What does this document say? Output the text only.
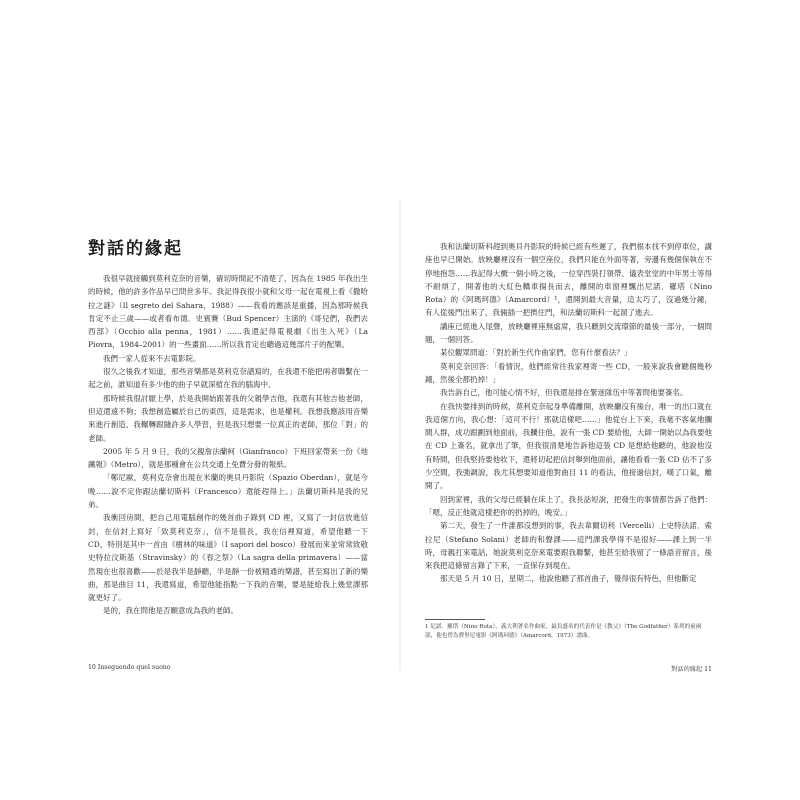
對話的緣起

我很早就接觸到莫利克奈的音樂，確切時間記不清楚了，因為在 1985 年我出生的時候，他的許多作品早已問世多年。我記得我很小就和父母一起在電視上看《撒哈拉之謎》（Il segreto del Sahara，1988）——我看的應該是重播，因為那時候我肯定不止三歲——或者看布德．史賓賽（Bud Spencer）主演的《哥兒們，我們去西部》（Occhio alla penna，1981）……我還記得電視劇《出生入死》（La Piovra，1984–2001）的一些畫面……所以我肯定也聽過這幾部片子的配樂。

我們一家人從來不去電影院。

很久之後我才知道，那些音樂都是莫利克奈譜寫的，在我還不能把兩者聯繫在一起之前，誰知道有多少他的曲子早就深植在我的腦海中。

那時候我很討厭上學，於是我開始跟著我的父親學吉他，我還有其他吉他老師，但這還遠不夠；我想創造屬於自己的東西，這是需求，也是權利。我想我應該用音樂來進行創造，我輾轉跟隨許多人學習，但是我只想要一位真正的老師，那位「對」的老師。

2005 年 5 月 9 日，我的父親詹法蘭柯（Gianfranco）下班回家帶來一份《地鐵報》（Metro），就是那種會在公共交通上免費分發的報紙。

「鄭尼歐，莫利克奈會出現在米蘭的奧貝丹影院（Spazio Oberdan），就是今晚……說不定你跟法蘭切斯科（Francesco）還能趕得上。」法蘭切斯科是我的兄弟。

我衝回房間，把自己用電腦創作的幾首曲子錄到 CD 裡，又寫了一封信放進信封，在信封上寫好「致莫利克奈」，信不是很長，我在信裡寫道，希望他聽一下 CD，特別是其中一首由《樹林的味道》（I sapori del bosco）發展而來並常常致敬史特拉汶斯基（Stravinsky）的《春之祭》（La sagra della primavera）——當然現在也很喜歡——於是我半是靜聽，半是靜一份被精通的樂譜，甚至寫出了新的樂曲，那是曲目 11，我還寫道，希望他能指點一下我的音樂，要是能給我上幾堂課那就更好了。

是的，我在問他是否願意成為我的老師。

10 Inseguendo quel suono

我和法蘭切斯科趕到奧貝丹影院的時候已經有些遲了，我們根本找不到停車位，講座也早已開始。放映廳裡沒有一個空座位，我們只能在外面等著，旁邊有幾個保執在不停地抱怨……我記得大概一個小時之後，一位穿西裝打領帶、儀表堂堂的中年男士等得不耐煩了，開著他的大紅色轎車揚長而去，離開的車窗裡飄出尼諾．羅塔（Nino Rota）的《阿瑪珂德》（Amarcord）¹，還開到最大音量，這太巧了，沒過幾分鐘，有人從後門出來了，我倆插一把擠住門，和法蘭切斯科一起溜了進去。

講座已經進入尾聲，放映廳裡座無虛席，我只聽到交流環節的最後一部分，一個問題，一個回答。

某位觀眾問道：「對於新生代作曲家們，您有什麼看法？」

莫利克奈回答：「看情況，他們經常往我家裡寄一些 CD，一般來說我會聽個幾秒鐘，然後全都扔掉！」

我告訴自己，他可能心情不好，但我還是排在緊迷隊伍中等著問他要簽名。

在我快要排到的時候，莫利克奈起身準備離開，放映廳沒有後台，唯一的出口就在我這個方向，我心想：「這可不行！那就這樣吧……」他從台上下來，我毫不客氣地攔間人群，成功跟劃到他面前，我攔住他，說有一張 CD 要給他，大師一開始以為我要他在 CD 上簽名，就拿出了筆，但我很清楚地告訴他這張 CD 是想給他聽的，他說他沒有時間，但我堅持要他收下，還將切起把信封舉到他面前，讓他看看一張 CD 佔不了多少空間，我強調說，我尤其想要知道他對曲目 11 的看法，他接過信封，嘆了口氣，離開了。

回到家裡，我的父母已經躺在床上了，我長話短說，把發生的事情都告訴了他們：「嗯，反正他就這樣把你的扔掉的，晚安。」

第二天，發生了一件誰都沒想到的事，我去韋爾切利（Vercelli）上史特法諾．索拉尼（Stefano Solani）老師的和聲課——這門課我學得不是很好——課上到一半時，母親打來電話，她說莫利克奈來電要跟我聯繫，他甚至給我留了一條語音留言，後來我把這條留言錄了下來，一直保存到現在。

那天是 5 月 10 日，星期二，他說他聽了那首曲子，覺得很有特色，但他斷定

1 尼諾．羅塔（Nino Rota），義大利著名作曲家，最負盛名的代表作是《教父》（The Godfather）系列的前兩部，他也曾為費里尼電影《阿瑪珂德》（Amarcord，1973）譜曲。
對話的緣起 11
